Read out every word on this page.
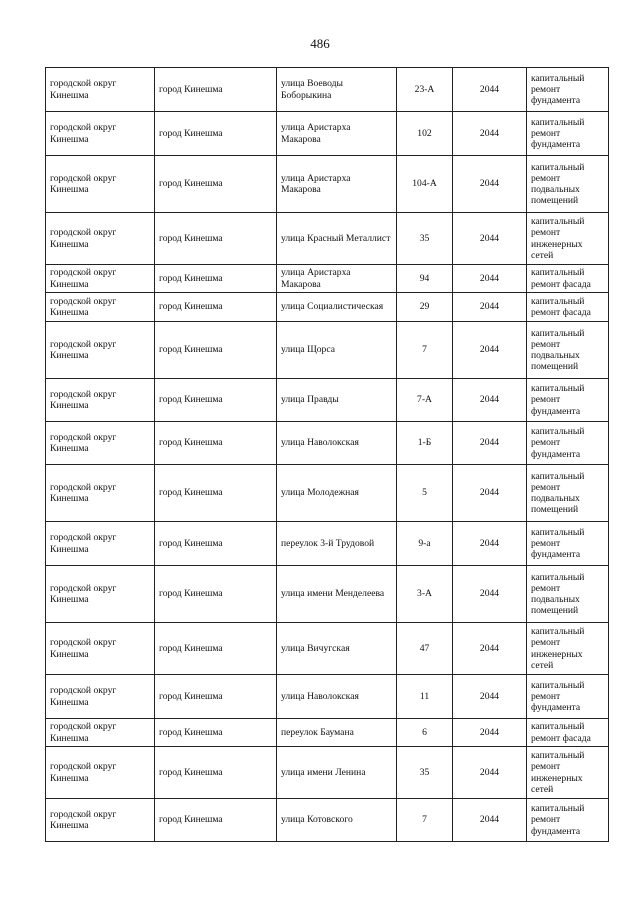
486
городской округ Кинешма	город Кинешма	улица Воеводы Боборыкина	23-А	2044	капитальный ремонт фундамента
городской округ Кинешма	город Кинешма	улица Аристарха Макарова	102	2044	капитальный ремонт фундамента
городской округ Кинешма	город Кинешма	улица Аристарха Макарова	104-А	2044	капитальный ремонт подвальных помещений
городской округ Кинешма	город Кинешма	улица Красный Металлист	35	2044	капитальный ремонт инженерных сетей
городской округ Кинешма	город Кинешма	улица Аристарха Макарова	94	2044	капитальный ремонт фасада
городской округ Кинешма	город Кинешма	улица Социалистическая	29	2044	капитальный ремонт фасада
городской округ Кинешма	город Кинешма	улица Щорса	7	2044	капитальный ремонт подвальных помещений
городской округ Кинешма	город Кинешма	улица Правды	7-А	2044	капитальный ремонт фундамента
городской округ Кинешма	город Кинешма	улица Наволокская	1-Б	2044	капитальный ремонт фундамента
городской округ Кинешма	город Кинешма	улица Молодежная	5	2044	капитальный ремонт подвальных помещений
городской округ Кинешма	город Кинешма	переулок 3-й Трудовой	9-а	2044	капитальный ремонт фундамента
городской округ Кинешма	город Кинешма	улица имени Менделеева	3-А	2044	капитальный ремонт подвальных помещений
городской округ Кинешма	город Кинешма	улица Вичугская	47	2044	капитальный ремонт инженерных сетей
городской округ Кинешма	город Кинешма	улица Наволокская	11	2044	капитальный ремонт фундамента
городской округ Кинешма	город Кинешма	переулок Баумана	6	2044	капитальный ремонт фасада
городской округ Кинешма	город Кинешма	улица имени Ленина	35	2044	капитальный ремонт инженерных сетей
городской округ Кинешма	город Кинешма	улица Котовского	7	2044	капитальный ремонт фундамента
